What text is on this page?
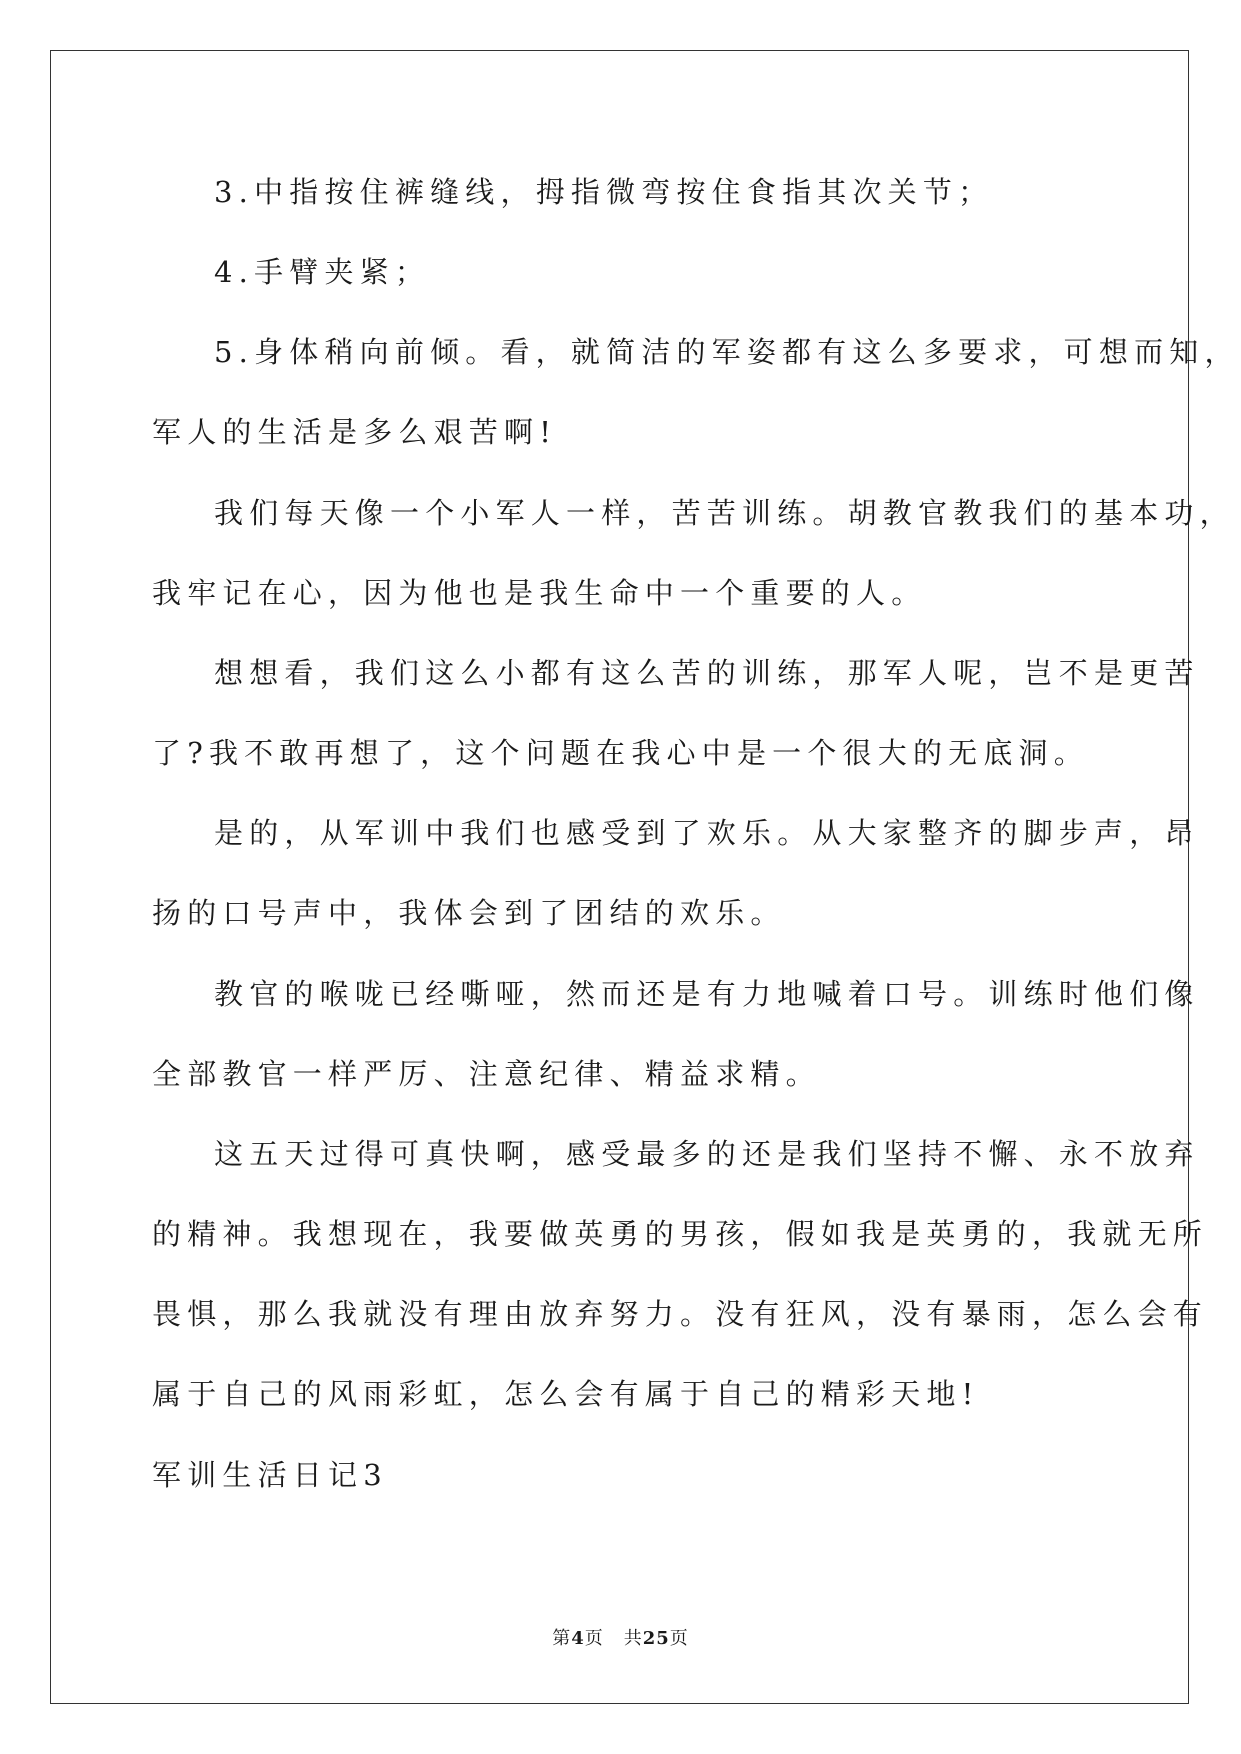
3.中指按住裤缝线，拇指微弯按住食指其次关节；
4.手臂夹紧；
5.身体稍向前倾。看，就简洁的军姿都有这么多要求，可想而知，
军人的生活是多么艰苦啊!
我们每天像一个小军人一样，苦苦训练。胡教官教我们的基本功，
我牢记在心，因为他也是我生命中一个重要的人。
想想看，我们这么小都有这么苦的训练，那军人呢，岂不是更苦
了?我不敢再想了，这个问题在我心中是一个很大的无底洞。
是的，从军训中我们也感受到了欢乐。从大家整齐的脚步声，昂
扬的口号声中，我体会到了团结的欢乐。
教官的喉咙已经嘶哑，然而还是有力地喊着口号。训练时他们像
全部教官一样严厉、注意纪律、精益求精。
这五天过得可真快啊，感受最多的还是我们坚持不懈、永不放弃
的精神。我想现在，我要做英勇的男孩，假如我是英勇的，我就无所
畏惧，那么我就没有理由放弃努力。没有狂风，没有暴雨，怎么会有
属于自己的风雨彩虹，怎么会有属于自己的精彩天地!
军训生活日记3
第4页 共25页
